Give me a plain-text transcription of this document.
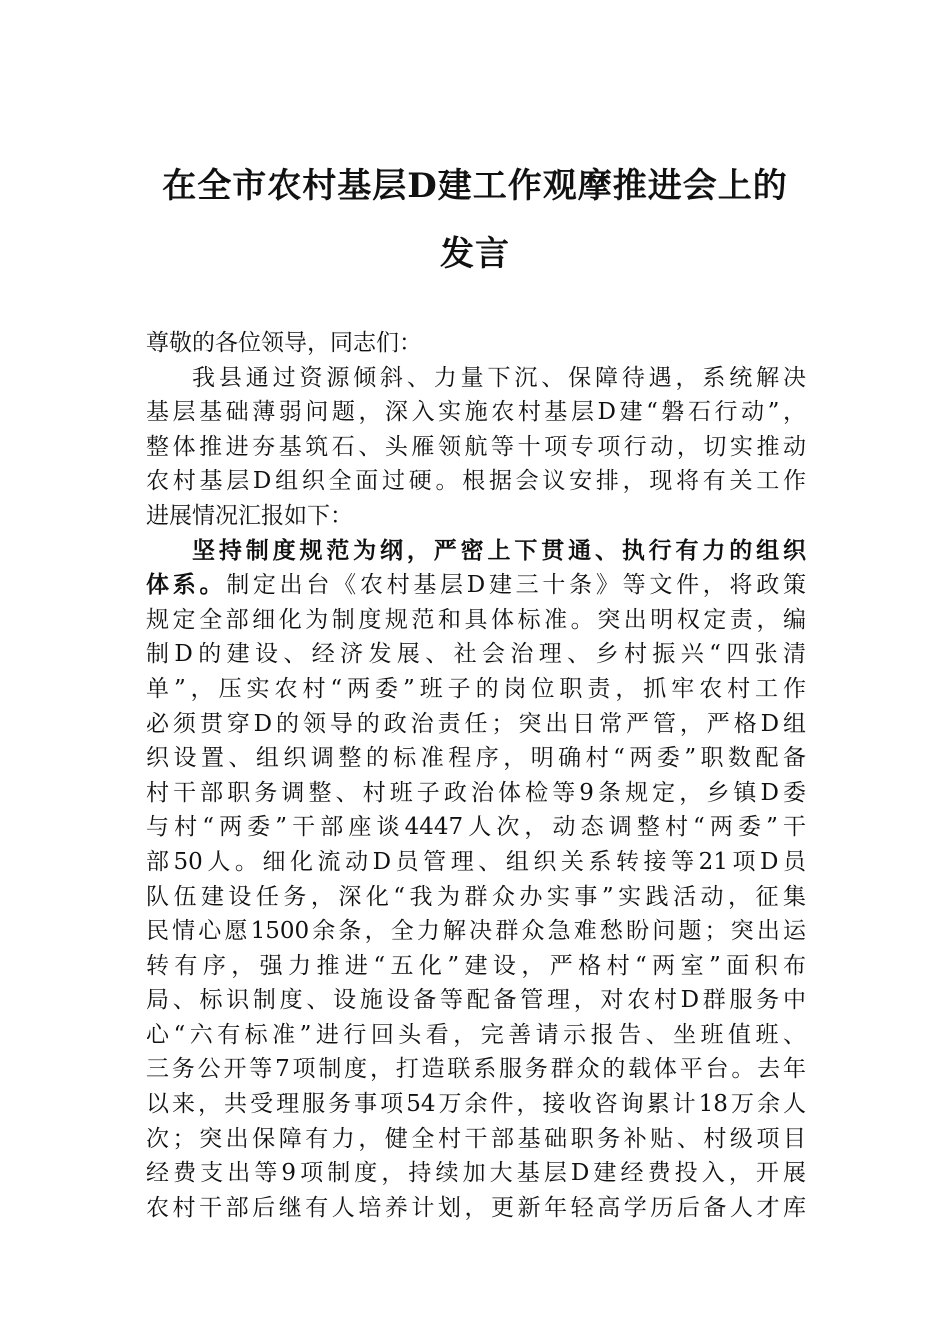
在全市农村基层D建工作观摩推进会上的
发言
尊敬的各位领导，同志们：
我县通过资源倾斜、力量下沉、保障待遇，系统解决
基层基础薄弱问题，深入实施农村基层D建“磐石行动”，
整体推进夯基筑石、头雁领航等十项专项行动，切实推动
农村基层D组织全面过硬。根据会议安排，现将有关工作
进展情况汇报如下：
坚持制度规范为纲，严密上下贯通、执行有力的组织
体系。制定出台《农村基层D建三十条》等文件，将政策
规定全部细化为制度规范和具体标准。突出明权定责，编
制D的建设、经济发展、社会治理、乡村振兴“四张清
单”，压实农村“两委”班子的岗位职责，抓牢农村工作
必须贯穿D的领导的政治责任；突出日常严管，严格D组
织设置、组织调整的标准程序，明确村“两委”职数配备
村干部职务调整、村班子政治体检等9条规定，乡镇D委
与村“两委”干部座谈4447人次，动态调整村“两委”干
部50人。细化流动D员管理、组织关系转接等21项D员
队伍建设任务，深化“我为群众办实事”实践活动，征集
民情心愿1500余条，全力解决群众急难愁盼问题；突出运
转有序，强力推进“五化”建设，严格村“两室”面积布
局、标识制度、设施设备等配备管理，对农村D群服务中
心“六有标准”进行回头看，完善请示报告、坐班值班、
三务公开等7项制度，打造联系服务群众的载体平台。去年
以来，共受理服务事项54万余件，接收咨询累计18万余人
次；突出保障有力，健全村干部基础职务补贴、村级项目
经费支出等9项制度，持续加大基层D建经费投入，开展
农村干部后继有人培养计划，更新年轻高学历后备人才库
